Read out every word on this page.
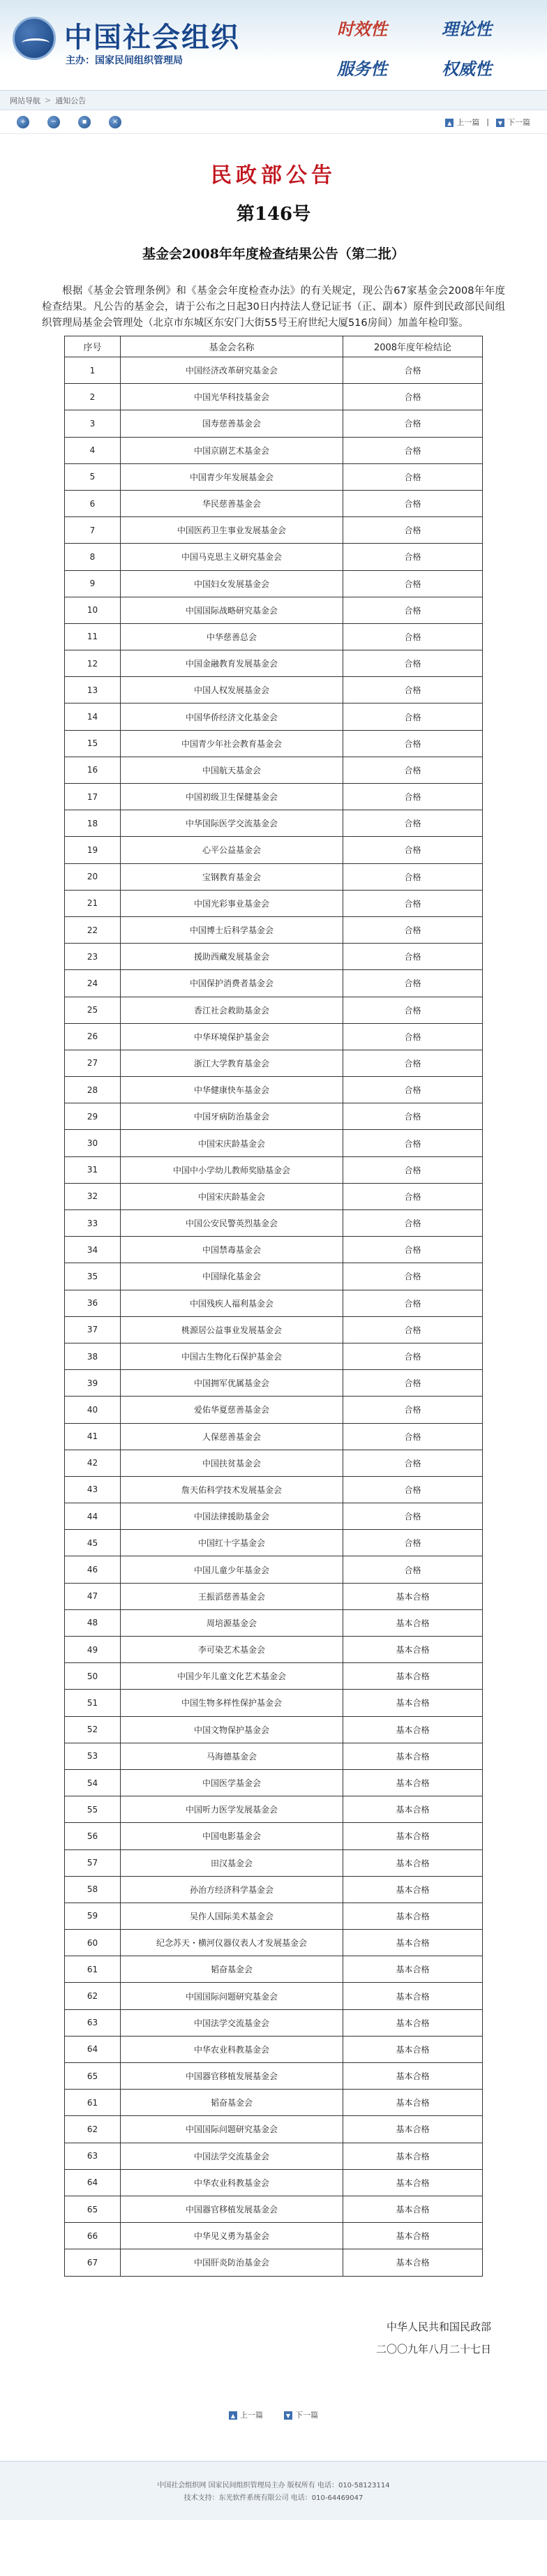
中国社会组织
主办：国家民间组织管理局
时效性	理论性
服务性	权威性
网站导航 > 通知公告
+	−	▪	×	▲ 上一篇 |	▼ 下一篇
民政部公告
第146号
基金会2008年年度检查结果公告（第二批）

根据《基金会管理条例》和《基金会年度检查办法》的有关规定，现公告67家基金会2008年年度检查结果。凡公告的基金会，请于公布之日起30日内持法人登记证书（正、副本）原件到民政部民间组织管理局基金会管理处（北京市东城区东安门大街55号王府世纪大厦516房间）加盖年检印鉴。

序号	基金会名称	2008年度年检结论
1	中国经济改革研究基金会	合格
2	中国光华科技基金会	合格
3	国寿慈善基金会	合格
4	中国京剧艺术基金会	合格
5	中国青少年发展基金会	合格
6	华民慈善基金会	合格
7	中国医药卫生事业发展基金会	合格
8	中国马克思主义研究基金会	合格
9	中国妇女发展基金会	合格
10	中国国际战略研究基金会	合格
11	中华慈善总会	合格
12	中国金融教育发展基金会	合格
13	中国人权发展基金会	合格
14	中国华侨经济文化基金会	合格
15	中国青少年社会教育基金会	合格
16	中国航天基金会	合格
17	中国初级卫生保健基金会	合格
18	中华国际医学交流基金会	合格
19	心平公益基金会	合格
20	宝钢教育基金会	合格
21	中国光彩事业基金会	合格
22	中国博士后科学基金会	合格
23	援助西藏发展基金会	合格
24	中国保护消费者基金会	合格
25	香江社会救助基金会	合格
26	中华环境保护基金会	合格
27	浙江大学教育基金会	合格
28	中华健康快车基金会	合格
29	中国牙病防治基金会	合格
30	中国宋庆龄基金会	合格
31	中国中小学幼儿教师奖励基金会	合格
32	中国宋庆龄基金会	合格
33	中国公安民警英烈基金会	合格
34	中国禁毒基金会	合格
35	中国绿化基金会	合格
36	中国残疾人福利基金会	合格
37	桃源居公益事业发展基金会	合格
38	中国古生物化石保护基金会	合格
39	中国拥军优属基金会	合格
40	爱佑华夏慈善基金会	合格
41	人保慈善基金会	合格
42	中国扶贫基金会	合格
43	詹天佑科学技术发展基金会	合格
44	中国法律援助基金会	合格
45	中国红十字基金会	合格
46	中国儿童少年基金会	合格
47	王振滔慈善基金会	基本合格
48	周培源基金会	基本合格
49	李可染艺术基金会	基本合格
50	中国少年儿童文化艺术基金会	基本合格
51	中国生物多样性保护基金会	基本合格
52	中国文物保护基金会	基本合格
53	马海德基金会	基本合格
54	中国医学基金会	基本合格
55	中国听力医学发展基金会	基本合格
56	中国电影基金会	基本合格
57	田汉基金会	基本合格
58	孙治方经济科学基金会	基本合格
59	吴作人国际美术基金会	基本合格
60	纪念苏天・横河仪器仪表人才发展基金会	基本合格
61	韬奋基金会	基本合格
62	中国国际问题研究基金会	基本合格
63	中国法学交流基金会	基本合格
64	中华农业科教基金会	基本合格
65	中国器官移植发展基金会	基本合格
61	韬奋基金会	基本合格
62	中国国际问题研究基金会	基本合格
63	中国法学交流基金会	基本合格
64	中华农业科教基金会	基本合格
65	中国器官移植发展基金会	基本合格
66	中华见义勇为基金会	基本合格
67	中国肝炎防治基金会	基本合格
中华人民共和国民政部
二〇〇九年八月二十七日
▲ 上一篇	▼ 下一篇
中国社会组织网 国家民间组织管理局主办 版权所有 电话：010-58123114
技术支持：东光软件系统有限公司 电话：010-64469047
